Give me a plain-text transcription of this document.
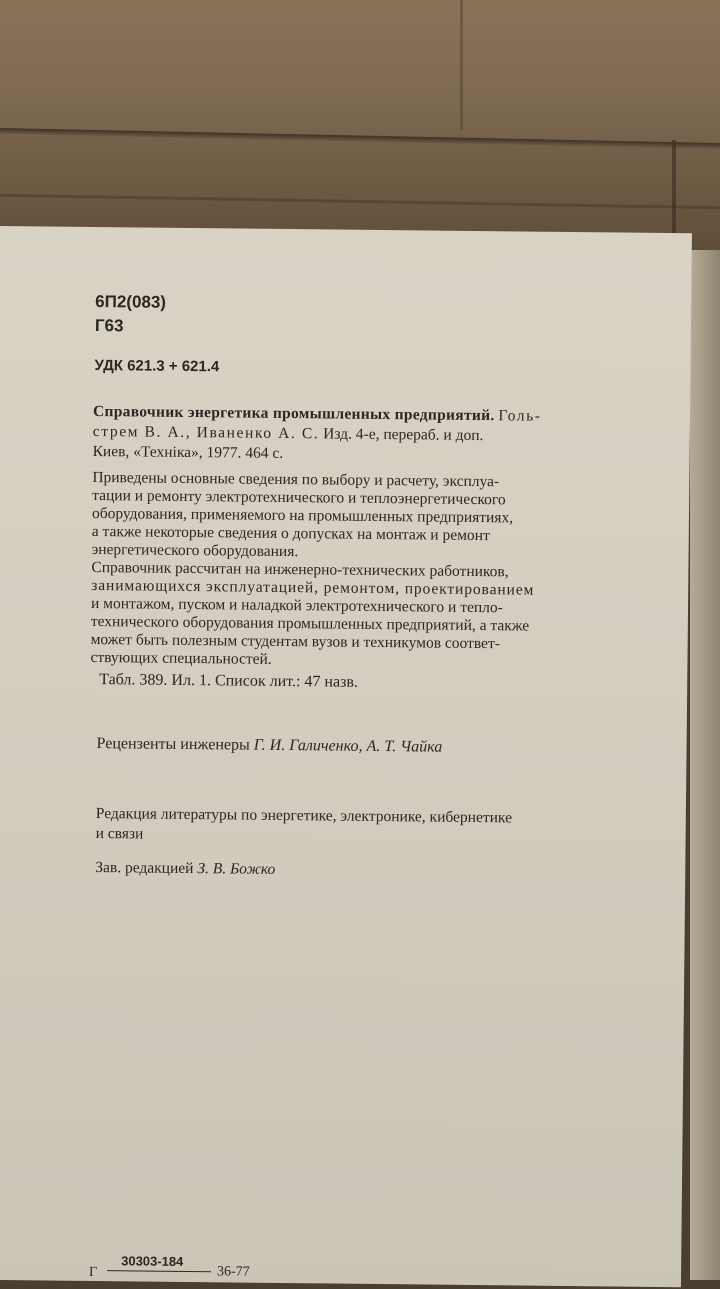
6П2(083)
Г63
УДК 621.3 + 621.4
Справочник энергетика промышленных предприятий. Голь-
стрем В. А., Иваненко А. С. Изд. 4-е, перераб. и доп.
Киев, «Техніка», 1977. 464 с.
Приведены основные сведения по выбору и расчету, эксплуа-
тации и ремонту электротехнического и теплоэнергетического
оборудования, применяемого на промышленных предприятиях,
а также некоторые сведения о допусках на монтаж и ремонт
энергетического оборудования.
Справочник рассчитан на инженерно-технических работников,
занимающихся эксплуатацией, ремонтом, проектированием
и монтажом, пуском и наладкой электротехнического и тепло-
технического оборудования промышленных предприятий, а также
может быть полезным студентам вузов и техникумов соответ-
ствующих специальностей.
Табл. 389. Ил. 1. Список лит.: 47 назв.
Рецензенты инженеры Г. И. Галиченко, А. Т. Чайка
Редакция литературы по энергетике, электронике, кибернетике
и связи
Зав. редакцией З. В. Божко
Г
30303-184
36-77
